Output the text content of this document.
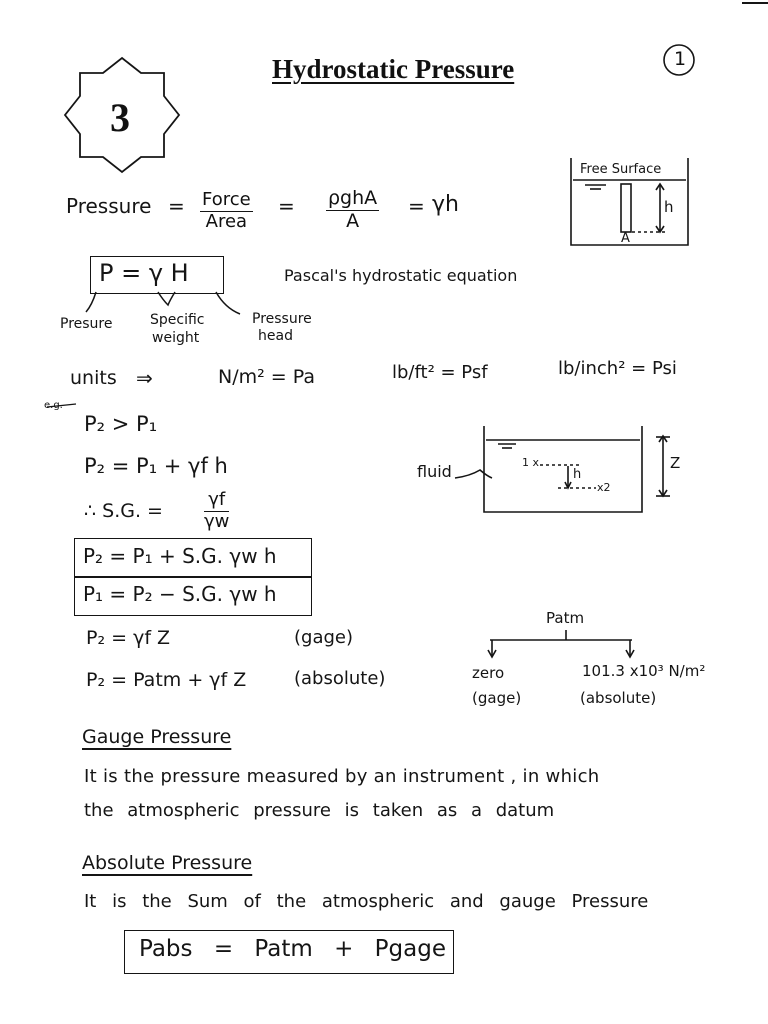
3
Hydrostatic Pressure	1
Free Surface
h
A
Pressure = Force
Area
= ρghA
A
= γh
P = γ H	Pascal's hydrostatic equation
Presure	Specific
weight
Pressure
head
units ⇒	N/m² = Pa	lb/ft² = Psf	lb/inch² = Psi
e.g.
P₂ > P₁
P₂ = P₁ + γf h
∴ S.G. = $\frac{\gamma f}{\gamma w}$
P₂ = P₁ + S.G. γw h
P₁ = P₂ − S.G. γw h
P₂ = γf Z	(gage)
P₂ = Patm + γf Z	(absolute)
fluid	1 x
h
x2
Z
Patm
zero
(gage)
101.3 x10³ N/m²
(absolute)
Gauge Pressure
It is the pressure measured by an instrument , in which
the atmospheric pressure is taken as a datum
Absolute Pressure
It is the Sum of the atmospheric and gauge Pressure
Pabs = Patm + Pgage
